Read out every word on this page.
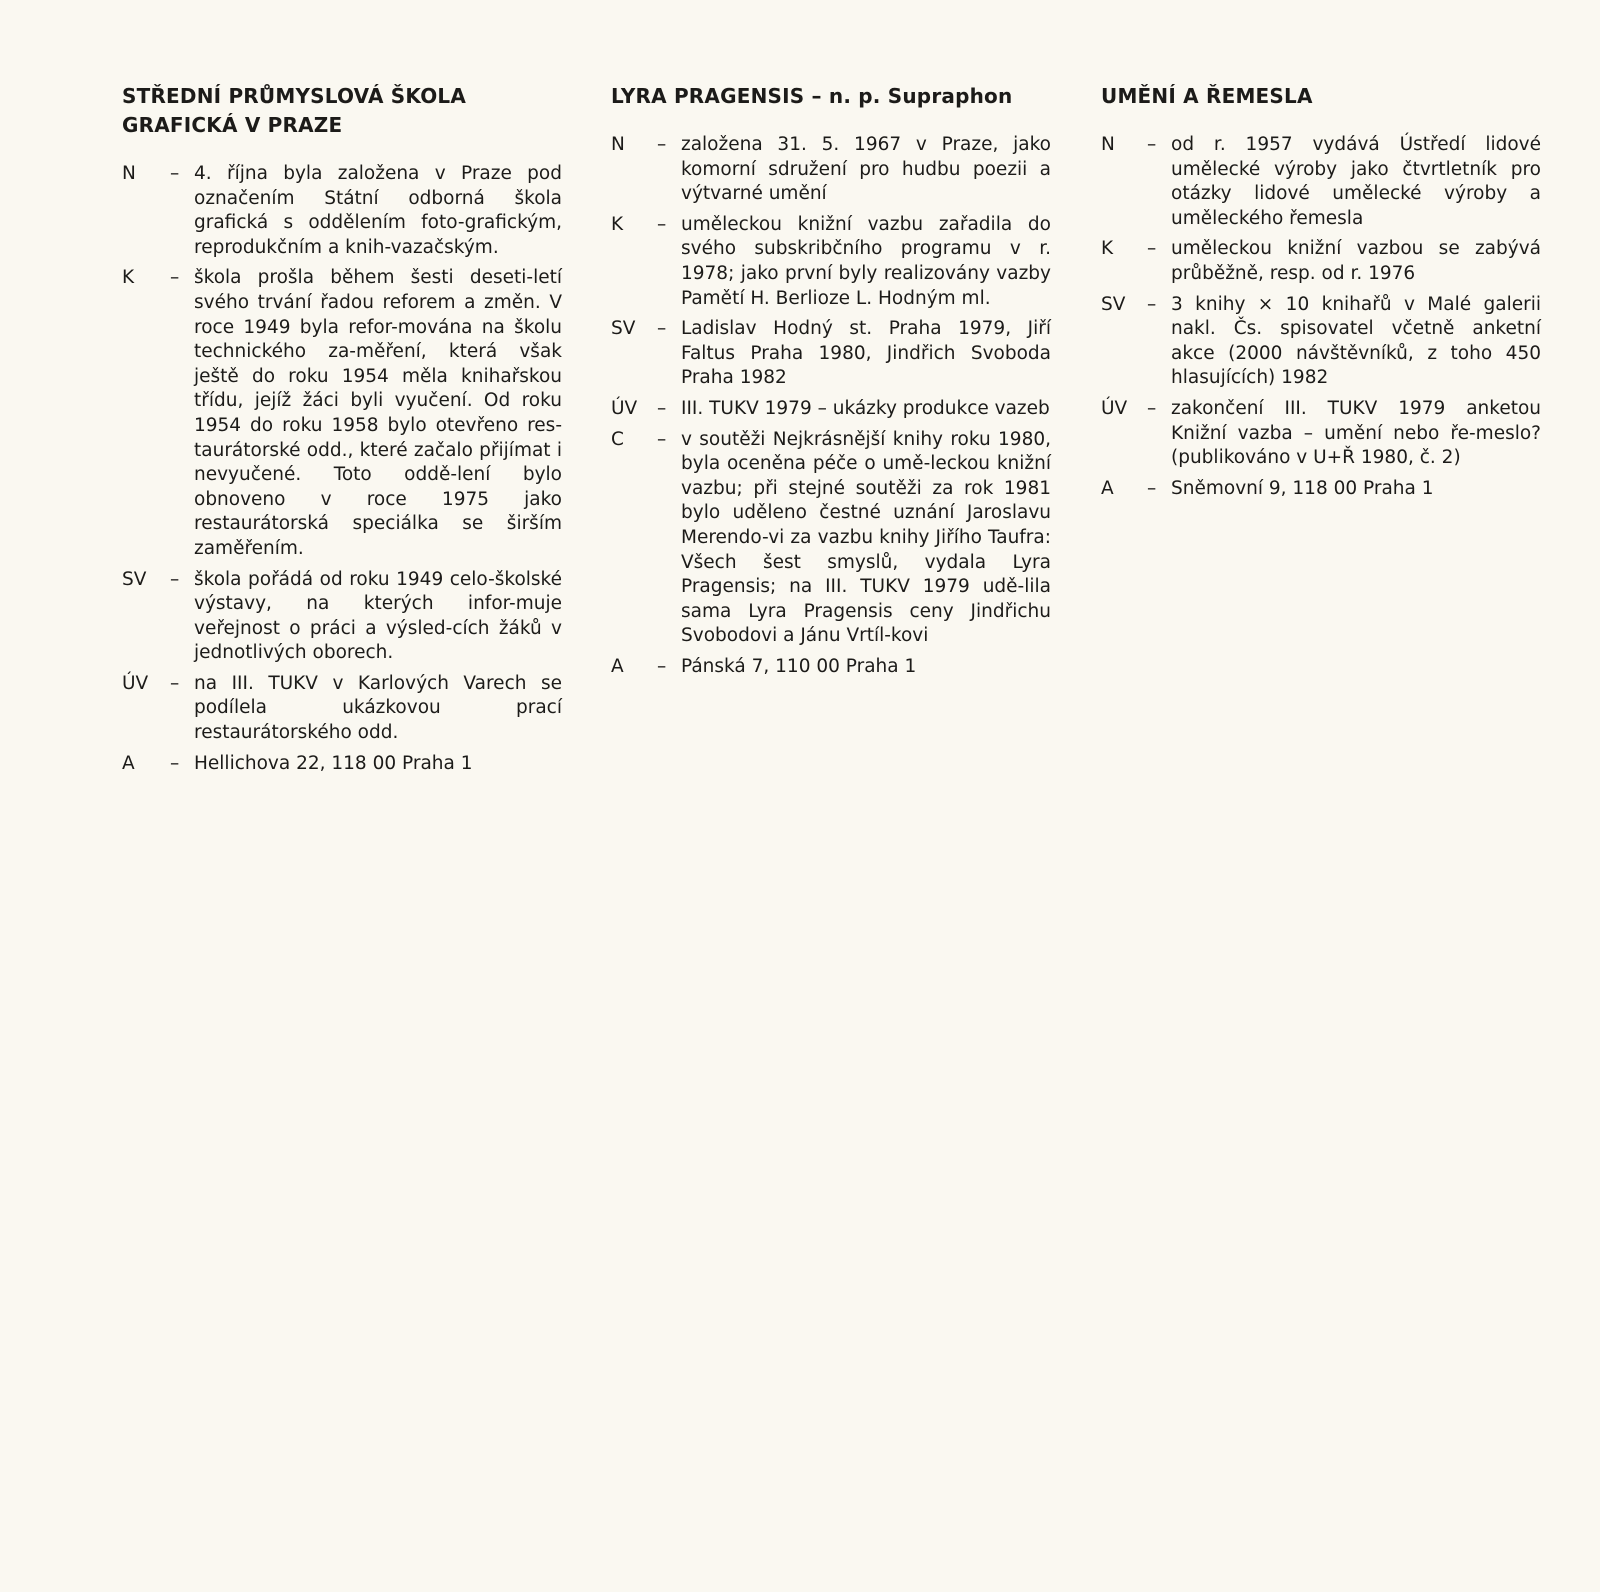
STŘEDNÍ PRŮMYSLOVÁ ŠKOLA
GRAFICKÁ V PRAZE
N	– 4. října byla založena v Praze pod označením Státní odborná škola grafická s oddělením foto-grafickým, reprodukčním a knih-vazačským.
K	– škola prošla během šesti deseti-letí svého trvání řadou reforem a změn. V roce 1949 byla refor-mována na školu technického za-měření, která však ještě do roku 1954 měla knihařskou třídu, jejíž žáci byli vyučení. Od roku 1954 do roku 1958 bylo otevřeno res-taurátorské odd., které začalo přijímat i nevyučené. Toto oddě-lení bylo obnoveno v roce 1975 jako restaurátorská speciálka se širším zaměřením.
SV	– škola pořádá od roku 1949 celo-školské výstavy, na kterých infor-muje veřejnost o práci a výsled-cích žáků v jednotlivých oborech.
ÚV	– na III. TUKV v Karlových Varech se podílela ukázkovou prací restaurátorského odd.
A	– Hellichova 22, 118 00 Praha 1
LYRA PRAGENSIS – n. p. Supraphon
N	– založena 31. 5. 1967 v Praze, jako komorní sdružení pro hudbu poezii a výtvarné umění
K	– uměleckou knižní vazbu zařadila do svého subskribčního programu v r. 1978; jako první byly realizovány vazby Pamětí H. Berlioze L. Hodným ml.
SV	– Ladislav Hodný st. Praha 1979, Jiří Faltus Praha 1980, Jindřich Svoboda Praha 1982
ÚV	– III. TUKV 1979 – ukázky produkce vazeb
C	– v soutěži Nejkrásnější knihy roku 1980, byla oceněna péče o umě-leckou knižní vazbu; při stejné soutěži za rok 1981 bylo uděleno čestné uznání Jaroslavu Merendo-vi za vazbu knihy Jiřího Taufra: Všech šest smyslů, vydala Lyra Pragensis; na III. TUKV 1979 udě-lila sama Lyra Pragensis ceny Jindřichu Svobodovi a Jánu Vrtíl-kovi
A	– Pánská 7, 110 00 Praha 1
UMĚNÍ A ŘEMESLA
N	– od r. 1957 vydává Ústředí lidové umělecké výroby jako čtvrtletník pro otázky lidové umělecké výroby a uměleckého řemesla
K	– uměleckou knižní vazbou se zabývá průběžně, resp. od r. 1976
SV	– 3 knihy × 10 knihařů v Malé galerii nakl. Čs. spisovatel včetně anketní akce (2000 návštěvníků, z toho 450 hlasujících) 1982
ÚV	– zakončení III. TUKV 1979 anketou Knižní vazba – umění nebo ře-meslo? (publikováno v U+Ř 1980, č. 2)
A	– Sněmovní 9, 118 00 Praha 1
